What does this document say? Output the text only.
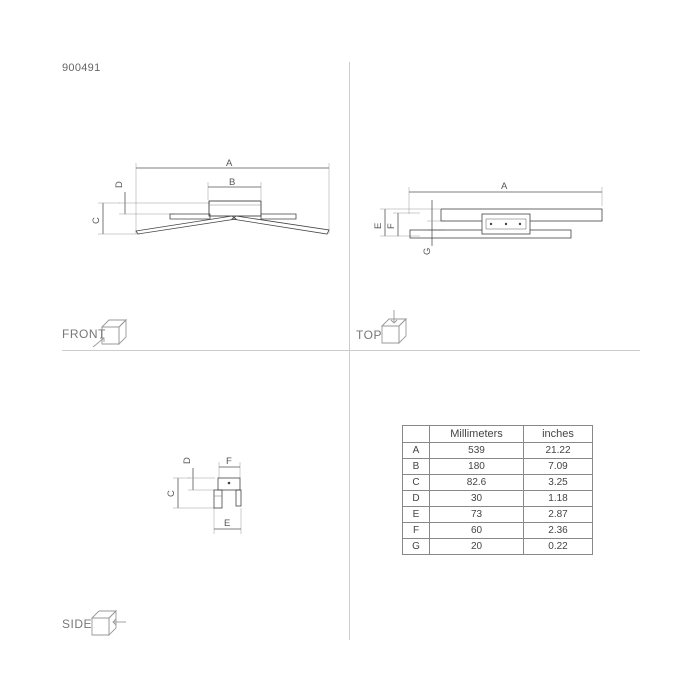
900491
A
B
D
C
A
E F
G
F
D
C
E
FRONT	TOP
SIDE
	Millimeters	inches
A	539	21.22
B	180	7.09
C	82.6	3.25
D	30	1.18
E	73	2.87
F	60	2.36
G	20	0.22
